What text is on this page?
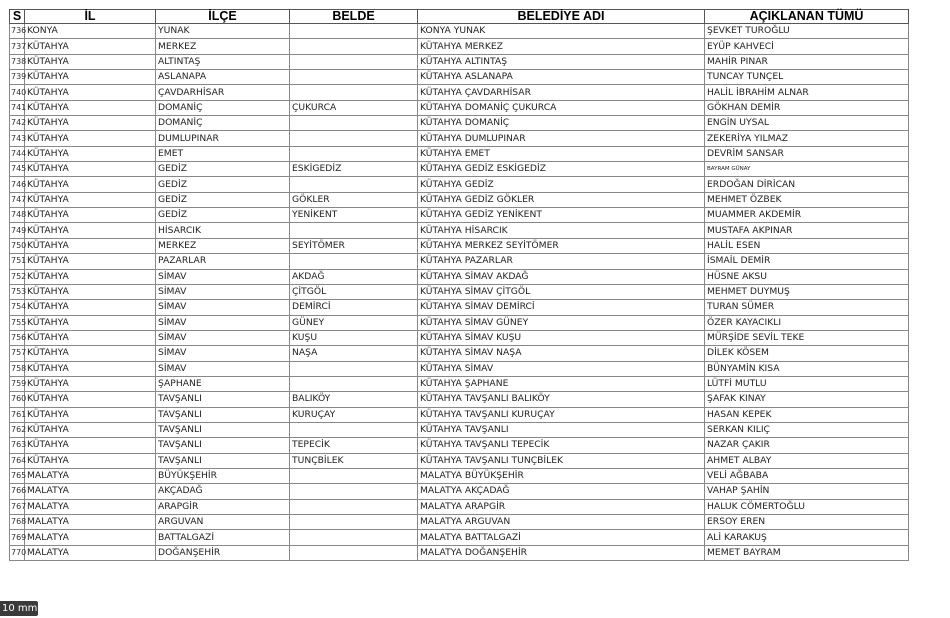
S	İL	İLÇE	BELDE	BELEDİYE ADI	AÇIKLANAN TÜMÜ
736	KONYA	YUNAK		KONYA YUNAK	ŞEVKET TUROĞLU
737	KÜTAHYA	MERKEZ		KÜTAHYA MERKEZ	EYÜP KAHVECİ
738	KÜTAHYA	ALTINTAŞ		KÜTAHYA ALTINTAŞ	MAHİR PINAR
739	KÜTAHYA	ASLANAPA		KÜTAHYA ASLANAPA	TUNCAY TUNÇEL
740	KÜTAHYA	ÇAVDARHİSAR		KÜTAHYA ÇAVDARHİSAR	HALİL İBRAHİM ALNAR
741	KÜTAHYA	DOMANİÇ	ÇUKURCA	KÜTAHYA DOMANİÇ ÇUKURCA	GÖKHAN DEMİR
742	KÜTAHYA	DOMANİÇ		KÜTAHYA DOMANİÇ	ENGİN UYSAL
743	KÜTAHYA	DUMLUPINAR		KÜTAHYA DUMLUPINAR	ZEKERİYA YILMAZ
744	KÜTAHYA	EMET		KÜTAHYA EMET	DEVRİM SANSAR
745	KÜTAHYA	GEDİZ	ESKİGEDİZ	KÜTAHYA GEDİZ ESKİGEDİZ	BAYRAM GÜNAY
746	KÜTAHYA	GEDİZ		KÜTAHYA GEDİZ	ERDOĞAN DİRİCAN
747	KÜTAHYA	GEDİZ	GÖKLER	KÜTAHYA GEDİZ GÖKLER	MEHMET ÖZBEK
748	KÜTAHYA	GEDİZ	YENİKENT	KÜTAHYA GEDİZ YENİKENT	MUAMMER AKDEMİR
749	KÜTAHYA	HİSARCIK		KÜTAHYA HİSARCIK	MUSTAFA AKPINAR
750	KÜTAHYA	MERKEZ	SEYİTÖMER	KÜTAHYA MERKEZ SEYİTÖMER	HALİL ESEN
751	KÜTAHYA	PAZARLAR		KÜTAHYA PAZARLAR	İSMAİL DEMİR
752	KÜTAHYA	SİMAV	AKDAĞ	KÜTAHYA SİMAV AKDAĞ	HÜSNE AKSU
753	KÜTAHYA	SİMAV	ÇİTGÖL	KÜTAHYA SİMAV ÇİTGÖL	MEHMET DUYMUŞ
754	KÜTAHYA	SİMAV	DEMİRCİ	KÜTAHYA SİMAV DEMİRCİ	TURAN SÜMER
755	KÜTAHYA	SİMAV	GÜNEY	KÜTAHYA SİMAV GÜNEY	ÖZER KAYACIKLI
756	KÜTAHYA	SİMAV	KUŞU	KÜTAHYA SİMAV KUŞU	MÜRŞİDE SEVİL TEKE
757	KÜTAHYA	SİMAV	NAŞA	KÜTAHYA SİMAV NAŞA	DİLEK KÖSEM
758	KÜTAHYA	SİMAV		KÜTAHYA SİMAV	BÜNYAMİN KISA
759	KÜTAHYA	ŞAPHANE		KÜTAHYA ŞAPHANE	LÜTFİ MUTLU
760	KÜTAHYA	TAVŞANLI	BALIKÖY	KÜTAHYA TAVŞANLI BALIKÖY	ŞAFAK KINAY
761	KÜTAHYA	TAVŞANLI	KURUÇAY	KÜTAHYA TAVŞANLI KURUÇAY	HASAN KEPEK
762	KÜTAHYA	TAVŞANLI		KÜTAHYA TAVŞANLI	SERKAN KILIÇ
763	KÜTAHYA	TAVŞANLI	TEPECİK	KÜTAHYA TAVŞANLI TEPECİK	NAZAR ÇAKIR
764	KÜTAHYA	TAVŞANLI	TUNÇBİLEK	KÜTAHYA TAVŞANLI TUNÇBİLEK	AHMET ALBAY
765	MALATYA	BÜYÜKŞEHİR		MALATYA BÜYÜKŞEHİR	VELİ AĞBABA
766	MALATYA	AKÇADAĞ		MALATYA AKÇADAĞ	VAHAP ŞAHİN
767	MALATYA	ARAPGİR		MALATYA ARAPGİR	HALUK CÖMERTOĞLU
768	MALATYA	ARGUVAN		MALATYA ARGUVAN	ERSOY EREN
769	MALATYA	BATTALGAZİ		MALATYA BATTALGAZİ	ALİ KARAKUŞ
770	MALATYA	DOĞANŞEHİR		MALATYA DOĞANŞEHİR	MEMET BAYRAM
10 mm
